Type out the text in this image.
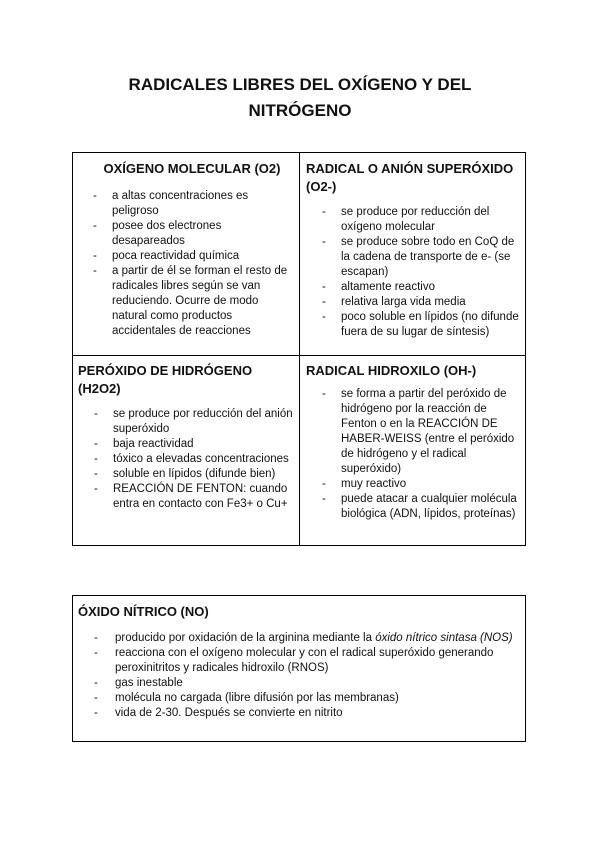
RADICALES LIBRES DEL OXÍGENO Y DEL
NITRÓGENO
OXÍGENO MOLECULAR (O2)
- a altas concentraciones es peligroso
- posee dos electrones desapareados
- poca reactividad química
- a partir de él se forman el resto de radicales libres según se van reduciendo. Ocurre de modo natural como productos accidentales de reacciones
RADICAL O ANIÓN SUPERÓXIDO (O2-)
- se produce por reducción del oxígeno molecular
- se produce sobre todo en CoQ de la cadena de transporte de e- (se escapan)
- altamente reactivo
- relativa larga vida media
- poco soluble en lípidos (no difunde fuera de su lugar de síntesis)
PERÓXIDO DE HIDRÓGENO (H2O2)
- se produce por reducción del anión superóxido
- baja reactividad
- tóxico a elevadas concentraciones
- soluble en lípidos (difunde bien)
- REACCIÓN DE FENTON: cuando entra en contacto con Fe3+ o Cu+
RADICAL HIDROXILO (OH-)
- se forma a partir del peróxido de hidrógeno por la reacción de Fenton o en la REACCIÓN DE HABER-WEISS (entre el peróxido de hidrógeno y el radical superóxido)
- muy reactivo
- puede atacar a cualquier molécula biológica (ADN, lípidos, proteínas)
ÓXIDO NÍTRICO (NO)
- producido por oxidación de la arginina mediante la óxido nítrico sintasa (NOS)
- reacciona con el oxígeno molecular y con el radical superóxido generando peroxinitritos y radicales hidroxilo (RNOS)
- gas inestable
- molécula no cargada (libre difusión por las membranas)
- vida de 2-30. Después se convierte en nitrito
